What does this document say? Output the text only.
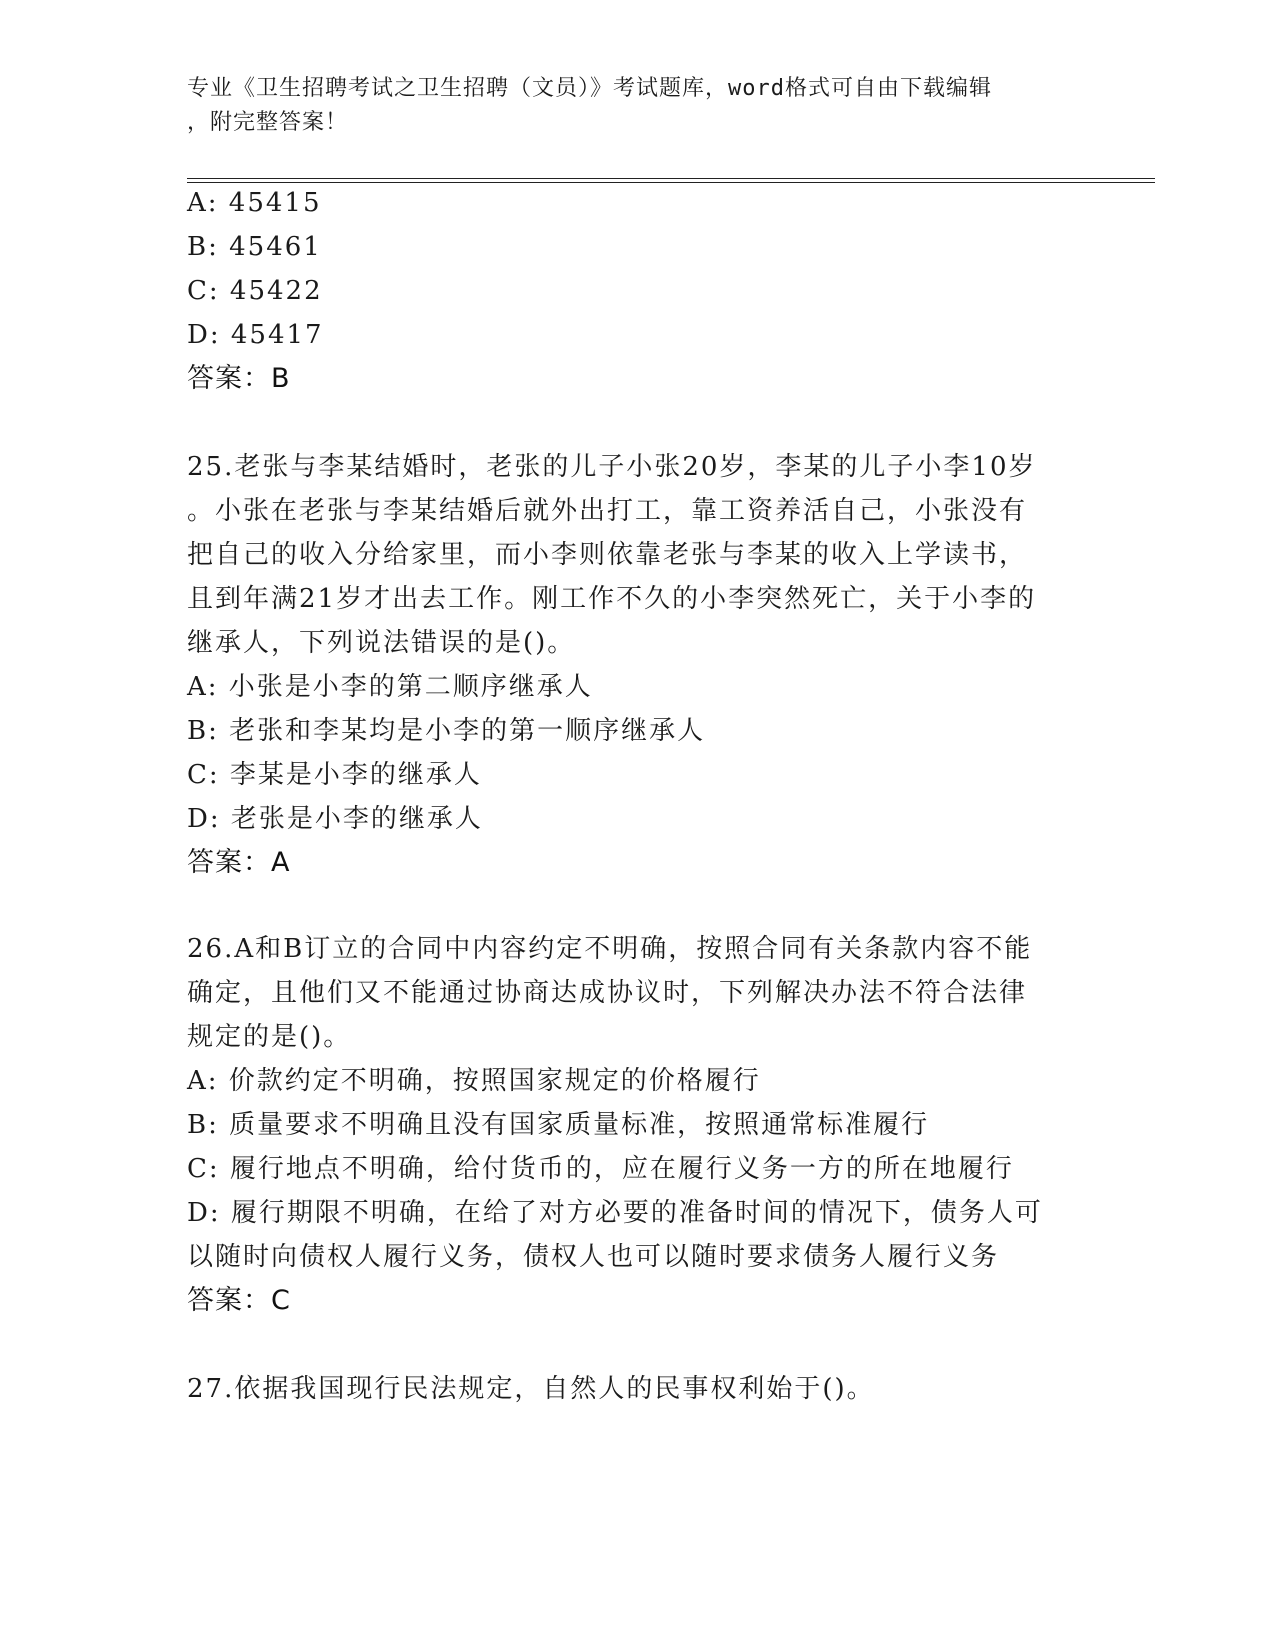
专业《卫生招聘考试之卫生招聘（文员）》考试题库，word格式可自由下载编辑
，附完整答案！
A: 45415
B: 45461
C: 45422
D: 45417
答案：B
25.老张与李某结婚时，老张的儿子小张20岁，李某的儿子小李10岁
。小张在老张与李某结婚后就外出打工，靠工资养活自己，小张没有
把自己的收入分给家里，而小李则依靠老张与李某的收入上学读书，
且到年满21岁才出去工作。刚工作不久的小李突然死亡，关于小李的
继承人，下列说法错误的是()。
A: 小张是小李的第二顺序继承人
B: 老张和李某均是小李的第一顺序继承人
C: 李某是小李的继承人
D: 老张是小李的继承人
答案：A
26.A和B订立的合同中内容约定不明确，按照合同有关条款内容不能
确定，且他们又不能通过协商达成协议时，下列解决办法不符合法律
规定的是()。
A: 价款约定不明确，按照国家规定的价格履行
B: 质量要求不明确且没有国家质量标准，按照通常标准履行
C: 履行地点不明确，给付货币的，应在履行义务一方的所在地履行
D: 履行期限不明确，在给了对方必要的准备时间的情况下，债务人可
以随时向债权人履行义务，债权人也可以随时要求债务人履行义务
答案：C
27.依据我国现行民法规定，自然人的民事权利始于()。
